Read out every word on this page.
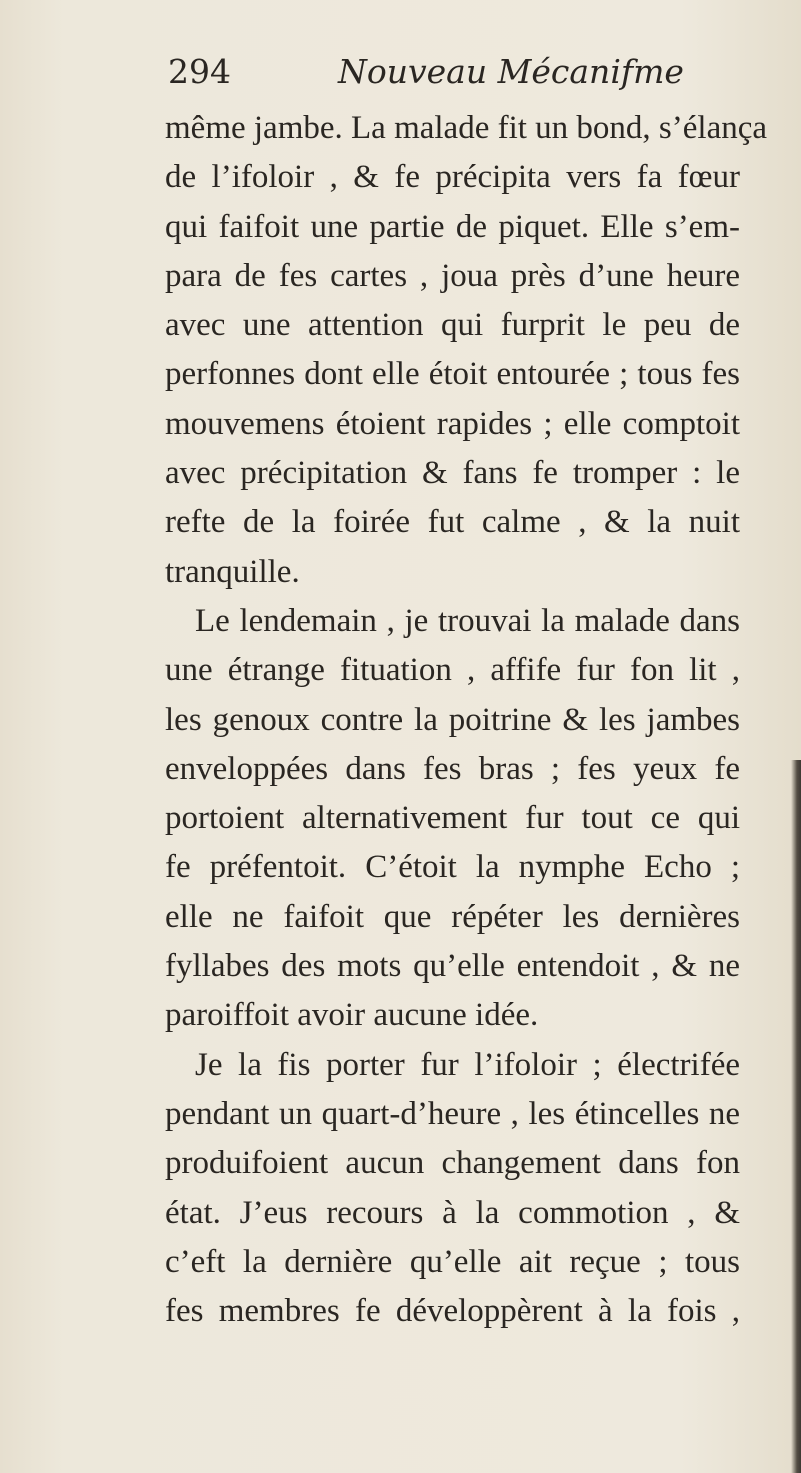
294	Nouveau Mécanifme
même jambe. La malade fit un bond, s’élança
de l’ifoloir , & fe précipita vers fa fœur
qui faifoit une partie de piquet. Elle s’em-
para de fes cartes , joua près d’une heure
avec une attention qui furprit le peu de
perfonnes dont elle étoit entourée ; tous fes
mouvemens étoient rapides ; elle comptoit
avec précipitation & fans fe tromper : le
refte de la foirée fut calme , & la nuit
tranquille.
Le lendemain , je trouvai la malade dans
une étrange fituation , affife fur fon lit ,
les genoux contre la poitrine & les jambes
enveloppées dans fes bras ; fes yeux fe
portoient alternativement fur tout ce qui
fe préfentoit. C’étoit la nymphe Echo ;
elle ne faifoit que répéter les dernières
fyllabes des mots qu’elle entendoit , & ne
paroiffoit avoir aucune idée.
Je la fis porter fur l’ifoloir ; électrifée
pendant un quart-d’heure , les étincelles ne
produifoient aucun changement dans fon
état. J’eus recours à la commotion , &
c’eft la dernière qu’elle ait reçue ; tous
fes membres fe développèrent à la fois ,
